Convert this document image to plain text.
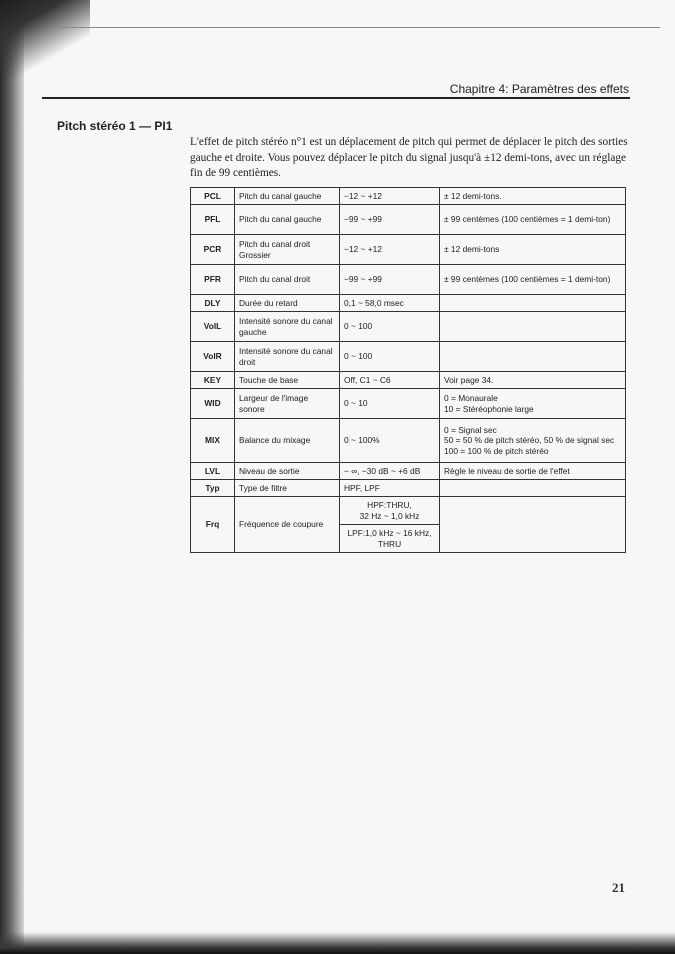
Chapitre 4: Paramètres des effets
Pitch stéréo 1 — PI1
L'effet de pitch stéréo n°1 est un déplacement de pitch qui permet de déplacer le pitch des sorties gauche et droite. Vous pouvez déplacer le pitch du signal jusqu'à ±12 demi-tons, avec un réglage fin de 99 centièmes.
PCL	Pitch du canal gauche	−12 ~ +12	± 12 demi-tons.
PFL	Pitch du canal gauche	−99 ~ +99	± 99 centèmes (100 centièmes = 1 demi-ton)
PCR	Pitch du canal droit Grossier	−12 ~ +12	± 12 demi-tons
PFR	Pitch du canal droit	−99 ~ +99	± 99 centèmes (100 centièmes = 1 demi-ton)
DLY	Durée du retard	0,1 ~ 58,0 msec	
VolL	Intensité sonore du canal gauche	0 ~ 100	
VolR	Intensité sonore du canal droit	0 ~ 100	
KEY	Touche de base	Off, C1 ~ C6	Voir page 34.
WID	Largeur de l'image sonore	0 ~ 10	0 = Monaurale
10 = Stéréophonie large
MIX	Balance du mixage	0 ~ 100%	0 = Signal sec
50 = 50 % de pitch stéréo, 50 % de signal sec
100 = 100 % de pitch stéréo
LVL	Niveau de sortie	− ∞, −30 dB ~ +6 dB	Règle le niveau de sortie de l'effet
Typ	Type de filtre	HPF, LPF	
Frq	Fréquence de coupure	HPF:THRU,
32 Hz ~ 1,0 kHz
LPF:1,0 kHz ~ 16 kHz,
THRU	

21
